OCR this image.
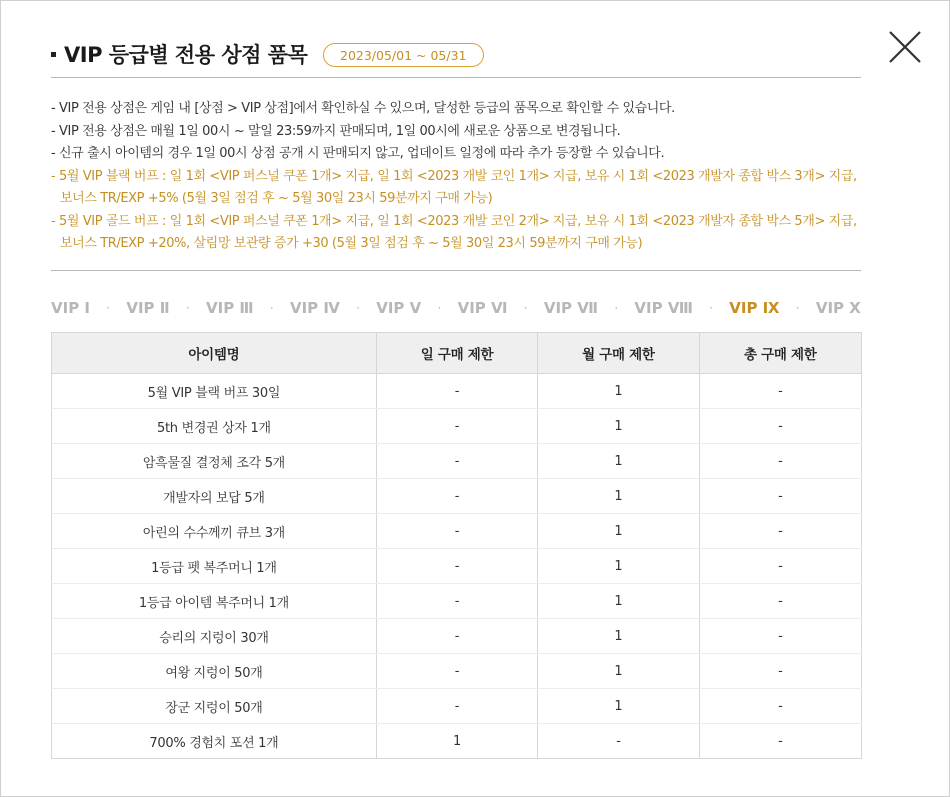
VIP 등급별 전용 상점 품목	2023/05/01 ~ 05/31
- VIP 전용 상점은 게임 내 [상점 > VIP 상점]에서 확인하실 수 있으며, 달성한 등급의 품목으로 확인할 수 있습니다.
- VIP 전용 상점은 매월 1일 00시 ~ 말일 23:59까지 판매되며, 1일 00시에 새로운 상품으로 변경됩니다.
- 신규 출시 아이템의 경우 1일 00시 상점 공개 시 판매되지 않고, 업데이트 일정에 따라 추가 등장할 수 있습니다.
- 5월 VIP 블랙 버프 : 일 1회 <VIP 퍼스널 쿠폰 1개> 지급, 일 1회 <2023 개발 코인 1개> 지급, 보유 시 1회 <2023 개발자 종합 박스 3개> 지급,
보너스 TR/EXP +5% (5월 3일 점검 후 ~ 5월 30일 23시 59분까지 구매 가능)
- 5월 VIP 골드 버프 : 일 1회 <VIP 퍼스널 쿠폰 1개> 지급, 일 1회 <2023 개발 코인 2개> 지급, 보유 시 1회 <2023 개발자 종합 박스 5개> 지급,
보너스 TR/EXP +20%, 살림망 보관량 증가 +30 (5월 3일 점검 후 ~ 5월 30일 23시 59분까지 구매 가능)
VIP Ⅰ · VIP Ⅱ · VIP Ⅲ · VIP Ⅳ · VIP Ⅴ · VIP Ⅵ · VIP Ⅶ · VIP Ⅷ · VIP Ⅸ · VIP Ⅹ
아이템명	일 구매 제한	월 구매 제한	총 구매 제한
5월 VIP 블랙 버프 30일	-	1	-
5th 변경권 상자 1개	-	1	-
암흑물질 결정체 조각 5개	-	1	-
개발자의 보답 5개	-	1	-
아린의 수수께끼 큐브 3개	-	1	-
1등급 펫 복주머니 1개	-	1	-
1등급 아이템 복주머니 1개	-	1	-
승리의 지렁이 30개	-	1	-
여왕 지렁이 50개	-	1	-
장군 지렁이 50개	-	1	-
700% 경험치 포션 1개	1	-	-
